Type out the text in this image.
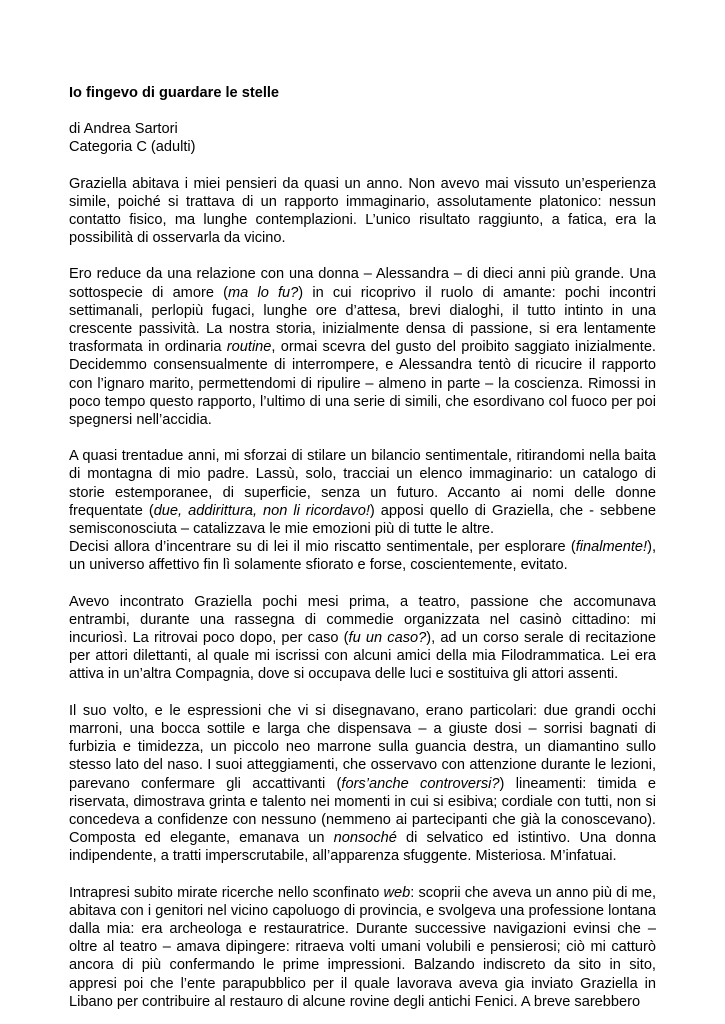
Io fingevo di guardare le stelle
di Andrea Sartori
Categoria C (adulti)

Graziella abitava i miei pensieri da quasi un anno. Non avevo mai vissuto un’esperienza simile, poiché si trattava di un rapporto immaginario, assolutamente platonico: nessun contatto fisico, ma lunghe contemplazioni. L’unico risultato raggiunto, a fatica, era la possibilità di osservarla da vicino.

Ero reduce da una relazione con una donna – Alessandra – di dieci anni più grande. Una sottospecie di amore (ma lo fu?) in cui ricoprivo il ruolo di amante: pochi incontri settimanali, perlopiù fugaci, lunghe ore d’attesa, brevi dialoghi, il tutto intinto in una crescente passività. La nostra storia, inizialmente densa di passione, si era lentamente trasformata in ordinaria routine, ormai scevra del gusto del proibito saggiato inizialmente. Decidemmo consensualmente di interrompere, e Alessandra tentò di ricucire il rapporto con l’ignaro marito, permettendomi di ripulire – almeno in parte – la coscienza. Rimossi in poco tempo questo rapporto, l’ultimo di una serie di simili, che esordivano col fuoco per poi spegnersi nell’accidia.

A quasi trentadue anni, mi sforzai di stilare un bilancio sentimentale, ritirandomi nella baita di montagna di mio padre. Lassù, solo, tracciai un elenco immaginario: un catalogo di storie estemporanee, di superficie, senza un futuro. Accanto ai nomi delle donne frequentate (due, addirittura, non li ricordavo!) apposi quello di Graziella, che - sebbene semisconosciuta – catalizzava le mie emozioni più di tutte le altre.

Decisi allora d’incentrare su di lei il mio riscatto sentimentale, per esplorare (finalmente!), un universo affettivo fin lì solamente sfiorato e forse, coscientemente, evitato.

Avevo incontrato Graziella pochi mesi prima, a teatro, passione che accomunava entrambi, durante una rassegna di commedie organizzata nel casinò cittadino: mi incuriosì. La ritrovai poco dopo, per caso (fu un caso?), ad un corso serale di recitazione per attori dilettanti, al quale mi iscrissi con alcuni amici della mia Filodrammatica. Lei era attiva in un’altra Compagnia, dove si occupava delle luci e sostituiva gli attori assenti.

Il suo volto, e le espressioni che vi si disegnavano, erano particolari: due grandi occhi marroni, una bocca sottile e larga che dispensava – a giuste dosi – sorrisi bagnati di furbizia e timidezza, un piccolo neo marrone sulla guancia destra, un diamantino sullo stesso lato del naso. I suoi atteggiamenti, che osservavo con attenzione durante le lezioni, parevano confermare gli accattivanti (fors’anche controversi?) lineamenti: timida e riservata, dimostrava grinta e talento nei momenti in cui si esibiva; cordiale con tutti, non si concedeva a confidenze con nessuno (nemmeno ai partecipanti che già la conoscevano). Composta ed elegante, emanava un nonsoché di selvatico ed istintivo. Una donna indipendente, a tratti imperscrutabile, all’apparenza sfuggente. Misteriosa. M’infatuai.

Intrapresi subito mirate ricerche nello sconfinato web: scoprii che aveva un anno più di me, abitava con i genitori nel vicino capoluogo di provincia, e svolgeva una professione lontana dalla mia: era archeologa e restauratrice. Durante successive navigazioni evinsi che – oltre al teatro – amava dipingere: ritraeva volti umani volubili e pensierosi; ciò mi catturò ancora di più confermando le prime impressioni. Balzando indiscreto da sito in sito, appresi poi che l’ente parapubblico per il quale lavorava aveva gia inviato Graziella in Libano per contribuire al restauro di alcune rovine degli antichi Fenici. A breve sarebbero
